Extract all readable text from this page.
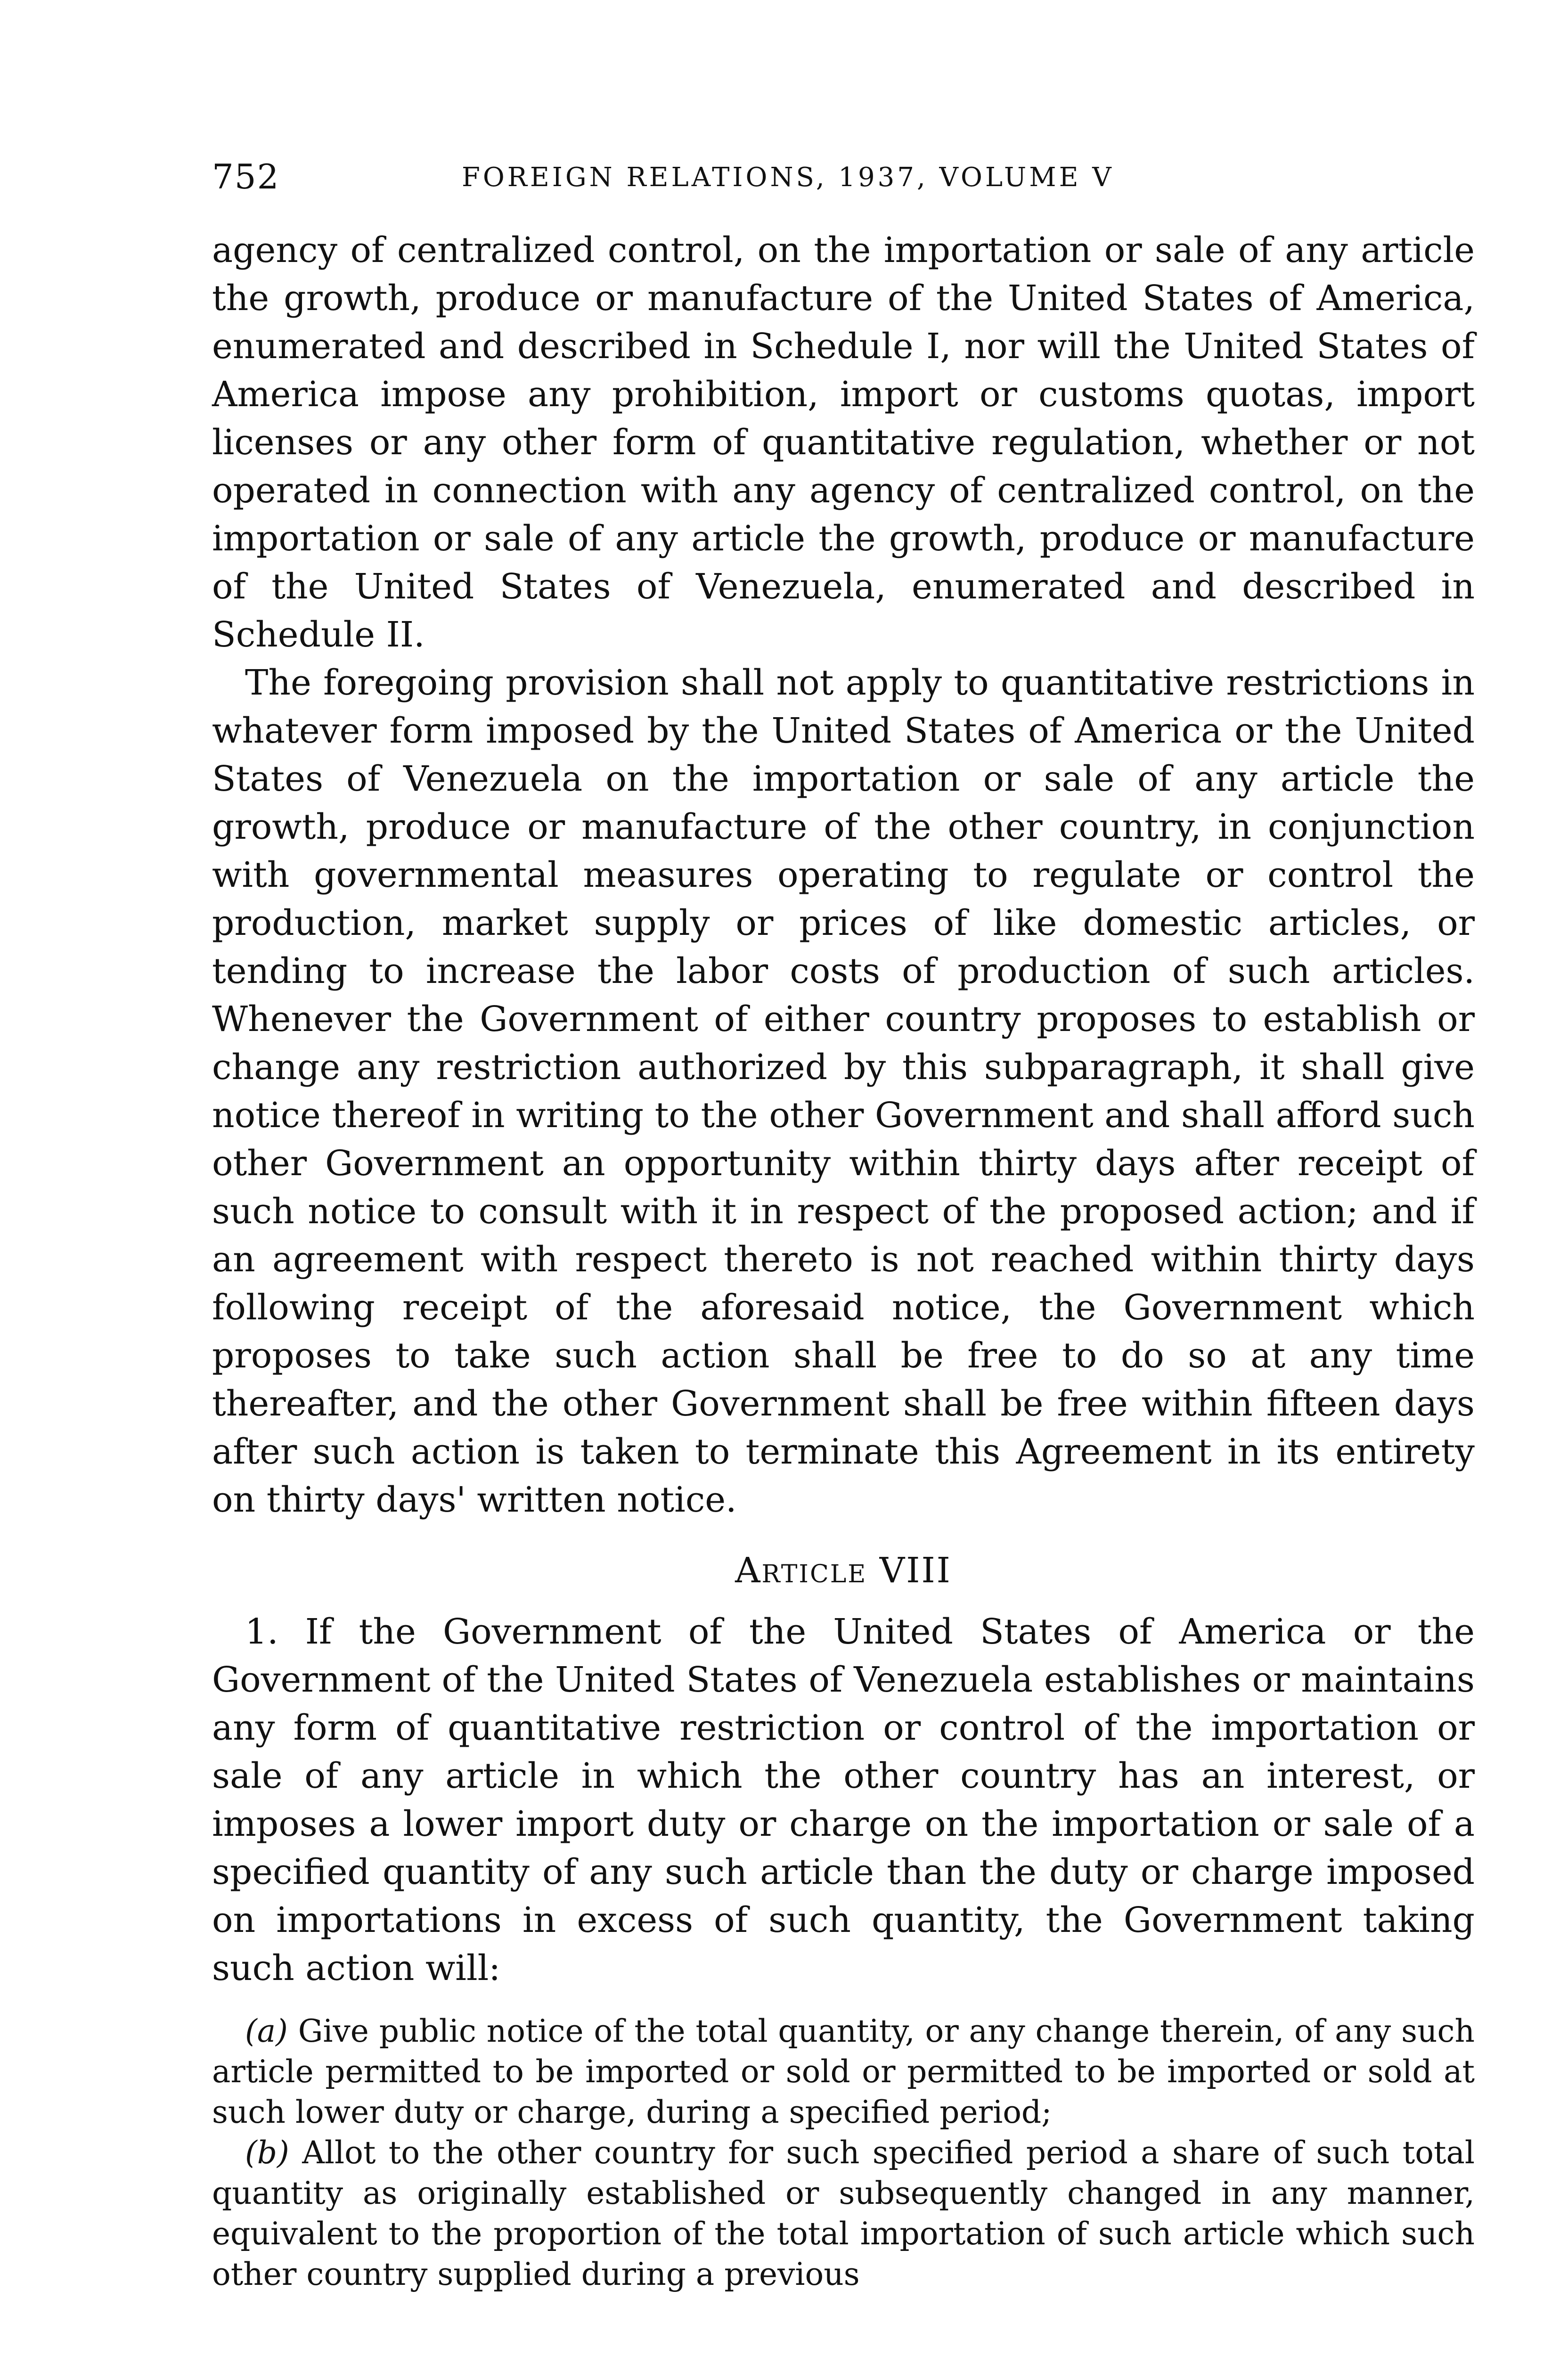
752	FOREIGN RELATIONS, 1937, VOLUME V

agency of centralized control, on the importation or sale of any article the growth, produce or manufacture of the United States of America, enumerated and described in Schedule I, nor will the United States of America impose any prohibition, import or customs quotas, import licenses or any other form of quantitative regulation, whether or not operated in connection with any agency of centralized control, on the importation or sale of any article the growth, produce or manufacture of the United States of Venezuela, enumerated and described in Schedule II.

The foregoing provision shall not apply to quantitative restrictions in whatever form imposed by the United States of America or the United States of Venezuela on the importation or sale of any article the growth, produce or manufacture of the other country, in conjunction with governmental measures operating to regulate or control the production, market supply or prices of like domestic articles, or tending to increase the labor costs of production of such articles. Whenever the Government of either country proposes to establish or change any restriction authorized by this subparagraph, it shall give notice thereof in writing to the other Government and shall afford such other Government an opportunity within thirty days after receipt of such notice to consult with it in respect of the proposed action; and if an agreement with respect thereto is not reached within thirty days following receipt of the aforesaid notice, the Government which proposes to take such action shall be free to do so at any time thereafter, and the other Government shall be free within fifteen days after such action is taken to terminate this Agreement in its entirety on thirty days' written notice.

Article VIII

1. If the Government of the United States of America or the Government of the United States of Venezuela establishes or maintains any form of quantitative restriction or control of the importation or sale of any article in which the other country has an interest, or imposes a lower import duty or charge on the importation or sale of a specified quantity of any such article than the duty or charge imposed on importations in excess of such quantity, the Government taking such action will:

(a) Give public notice of the total quantity, or any change therein, of any such article permitted to be imported or sold or permitted to be imported or sold at such lower duty or charge, during a specified period;

(b) Allot to the other country for such specified period a share of such total quantity as originally established or subsequently changed in any manner, equivalent to the proportion of the total importation of such article which such other country supplied during a previous
